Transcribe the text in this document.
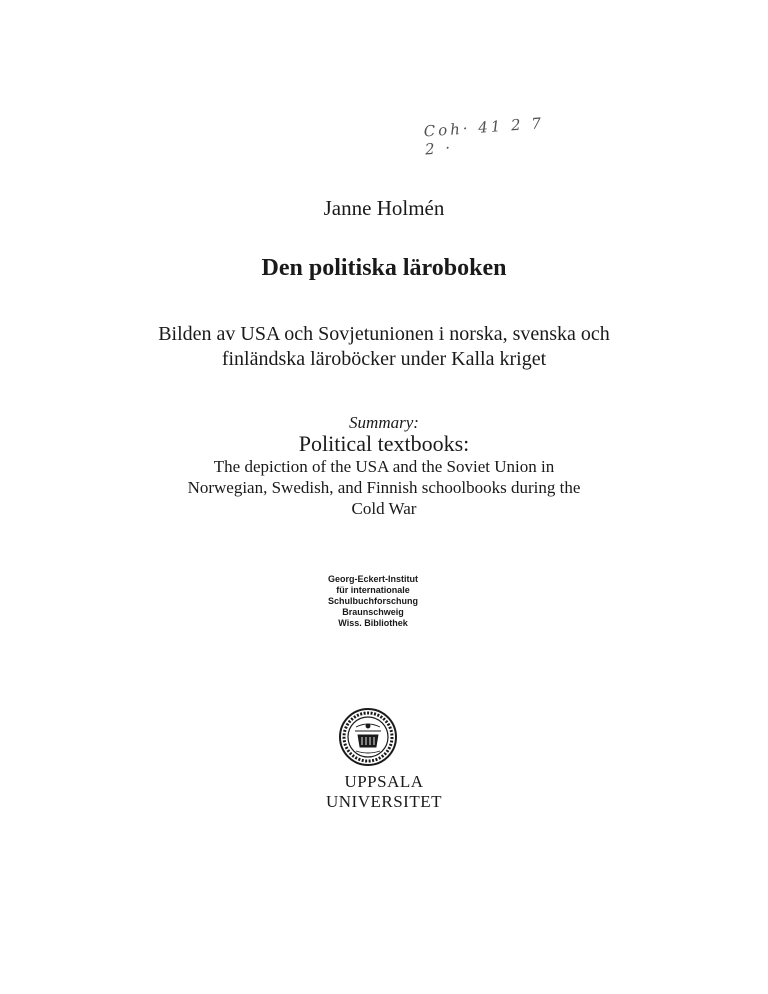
Coh· 41 2 7 2 ·
Janne Holmén
Den politiska läroboken
Bilden av USA och Sovjetunionen i norska, svenska och
finländska läroböcker under Kalla kriget
Summary:
Political textbooks:
The depiction of the USA and the Soviet Union in
Norwegian, Swedish, and Finnish schoolbooks during the
Cold War
Georg-Eckert-Institut
für internationale
Schulbuchforschung
Braunschweig
Wiss. Bibliothek
UPPSALA
UNIVERSITET
